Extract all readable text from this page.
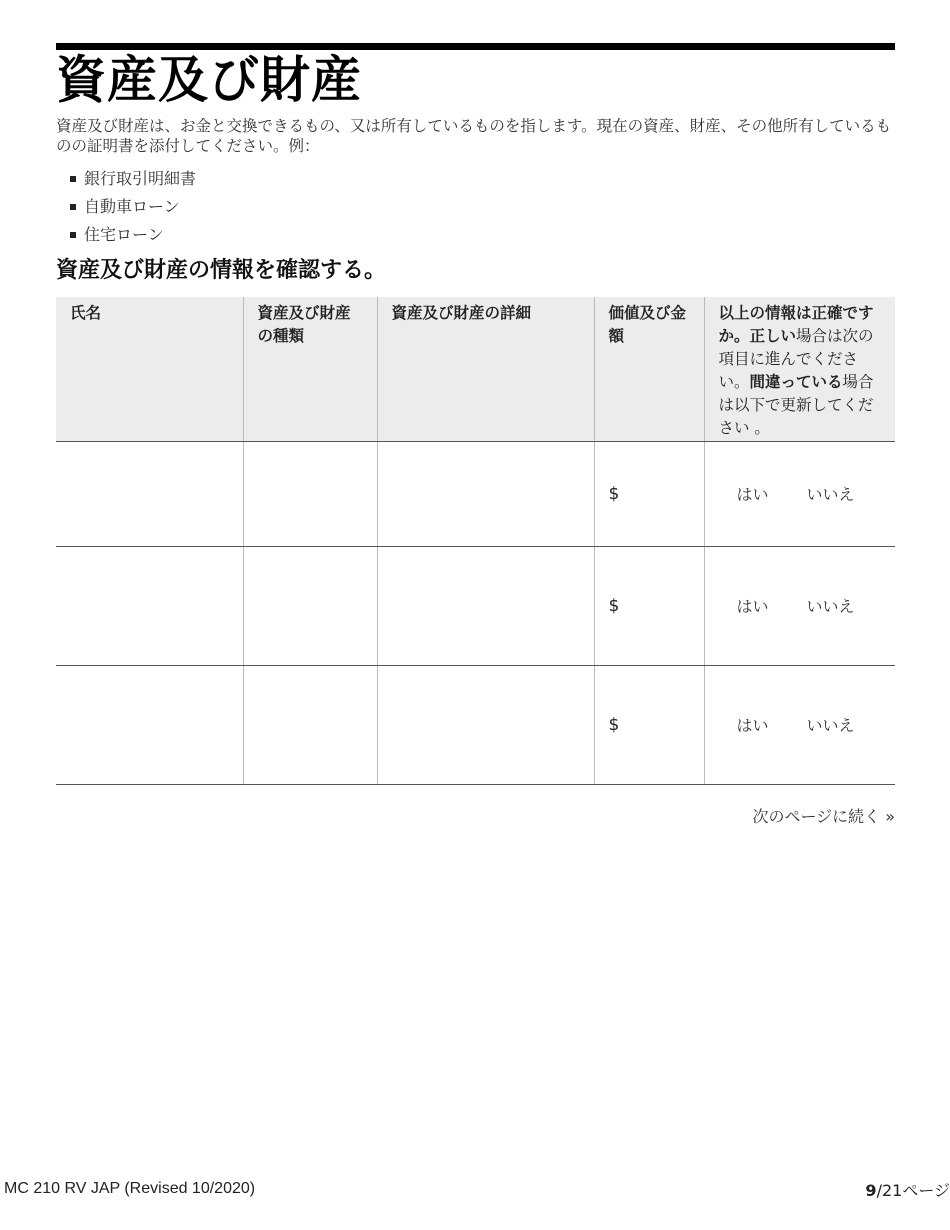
資産及び財産
資産及び財産は、お金と交換できるもの、又は所有しているものを指します。現在の資産、財産、その他所有しているものの証明書を添付してください。例：
銀行取引明細書
自動車ローン
住宅ローン
資産及び財産の情報を確認する。
氏名	資産及び財産の種類	資産及び財産の詳細	価値及び金額	以上の情報は正確ですか。正しい場合は次の項目に進んでください。間違っている場合は以下で更新してください 。
			$	はい いいえ

			$	はい いいえ

			$	はい いいえ
次のページに続く »
MC 210 RV JAP (Revised 10/2020)	9/21ページ
